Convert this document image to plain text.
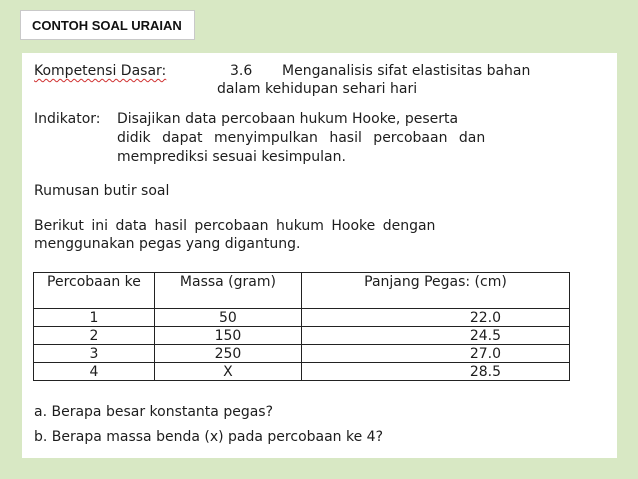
CONTOH SOAL URAIAN
Kompetensi Dasar:	3.6 Menganalisis sifat elastisitas bahan
dalam kehidupan sehari hari
Indikator: Disajikan data percobaan hukum Hooke, peserta
didik dapat menyimpulkan hasil percobaan dan
memprediksi sesuai kesimpulan.
Rumusan butir soal
Berikut ini data hasil percobaan hukum Hooke dengan
menggunakan pegas yang digantung.
Percobaan ke	Massa (gram)	Panjang Pegas: (cm)
1	50	22.0
2	150	24.5
3	250	27.0
4	X	28.5
a. Berapa besar konstanta pegas?
b. Berapa massa benda (x) pada percobaan ke 4?
